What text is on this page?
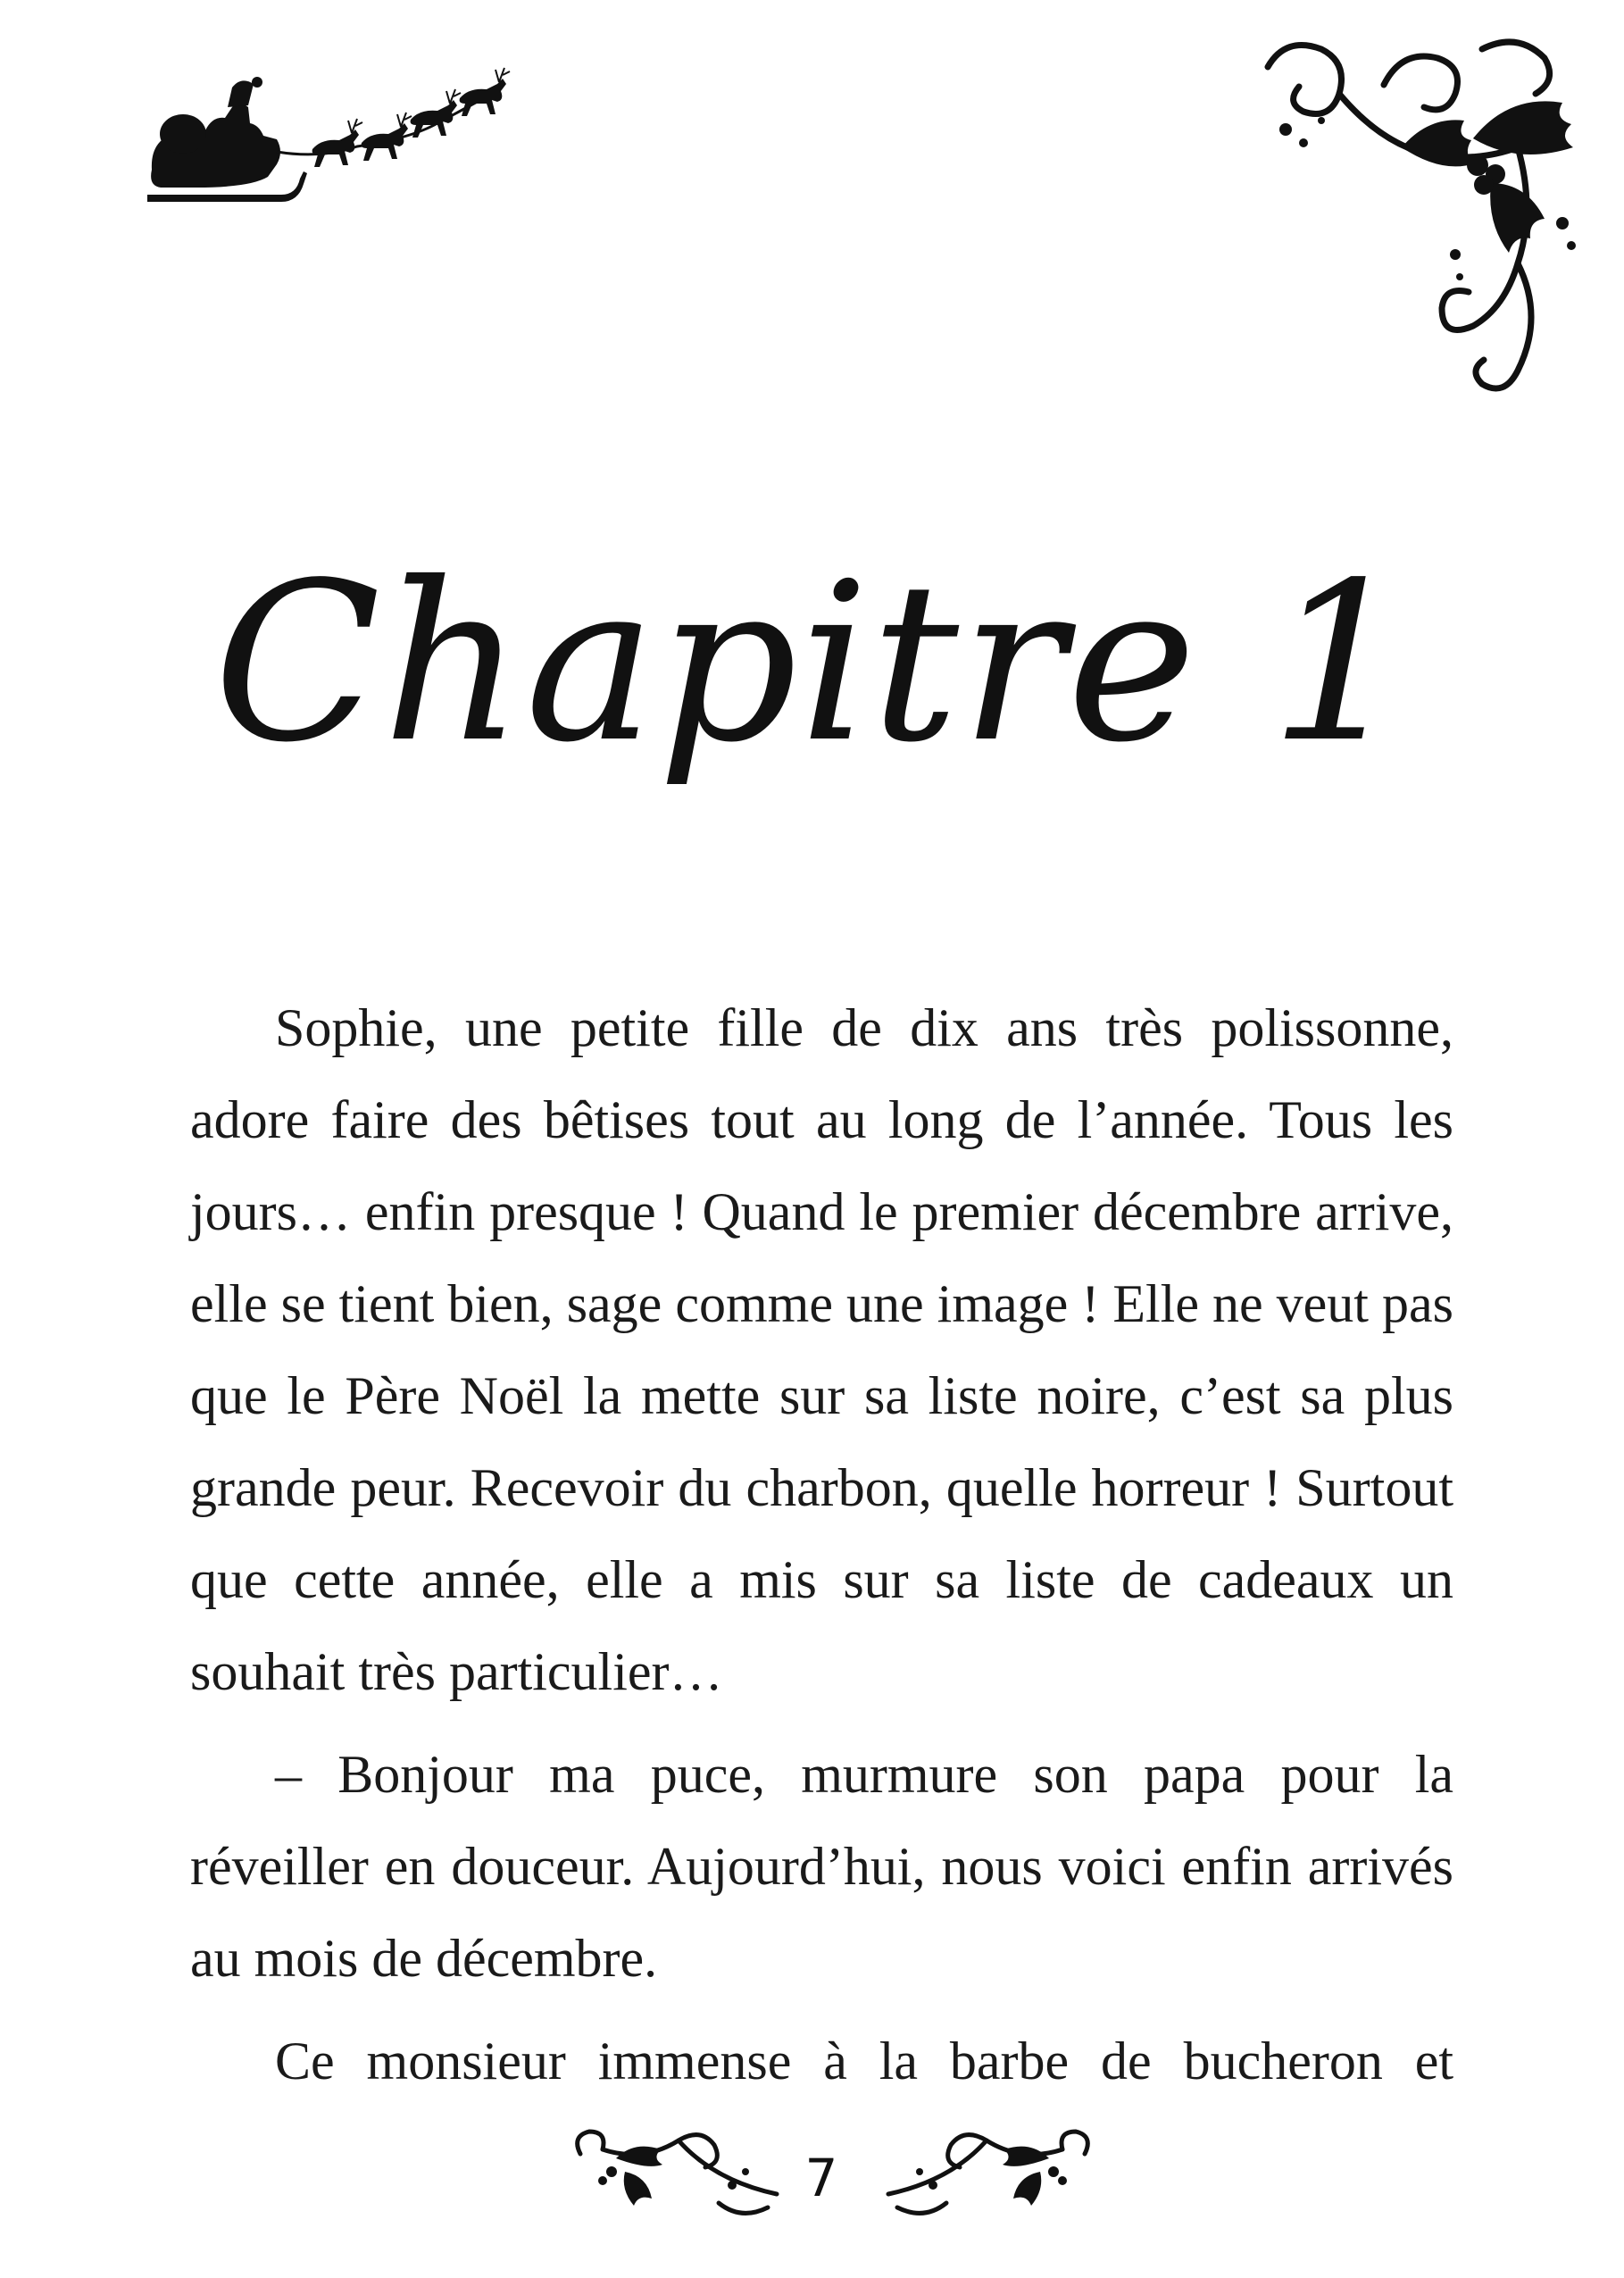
Chapitre 1

Sophie, une petite fille de dix ans très polissonne, adore faire des bêtises tout au long de l’année. Tous les jours… enfin presque ! Quand le premier décembre arrive, elle se tient bien, sage comme une image ! Elle ne veut pas que le Père Noël la mette sur sa liste noire, c’est sa plus grande peur. Recevoir du charbon, quelle horreur ! Surtout que cette année, elle a mis sur sa liste de cadeaux un souhait très particulier…

– Bonjour ma puce, murmure son papa pour la réveiller en douceur. Aujourd’hui, nous voici enfin arrivés au mois de décembre.

Ce monsieur immense à la barbe de bucheron et

7
